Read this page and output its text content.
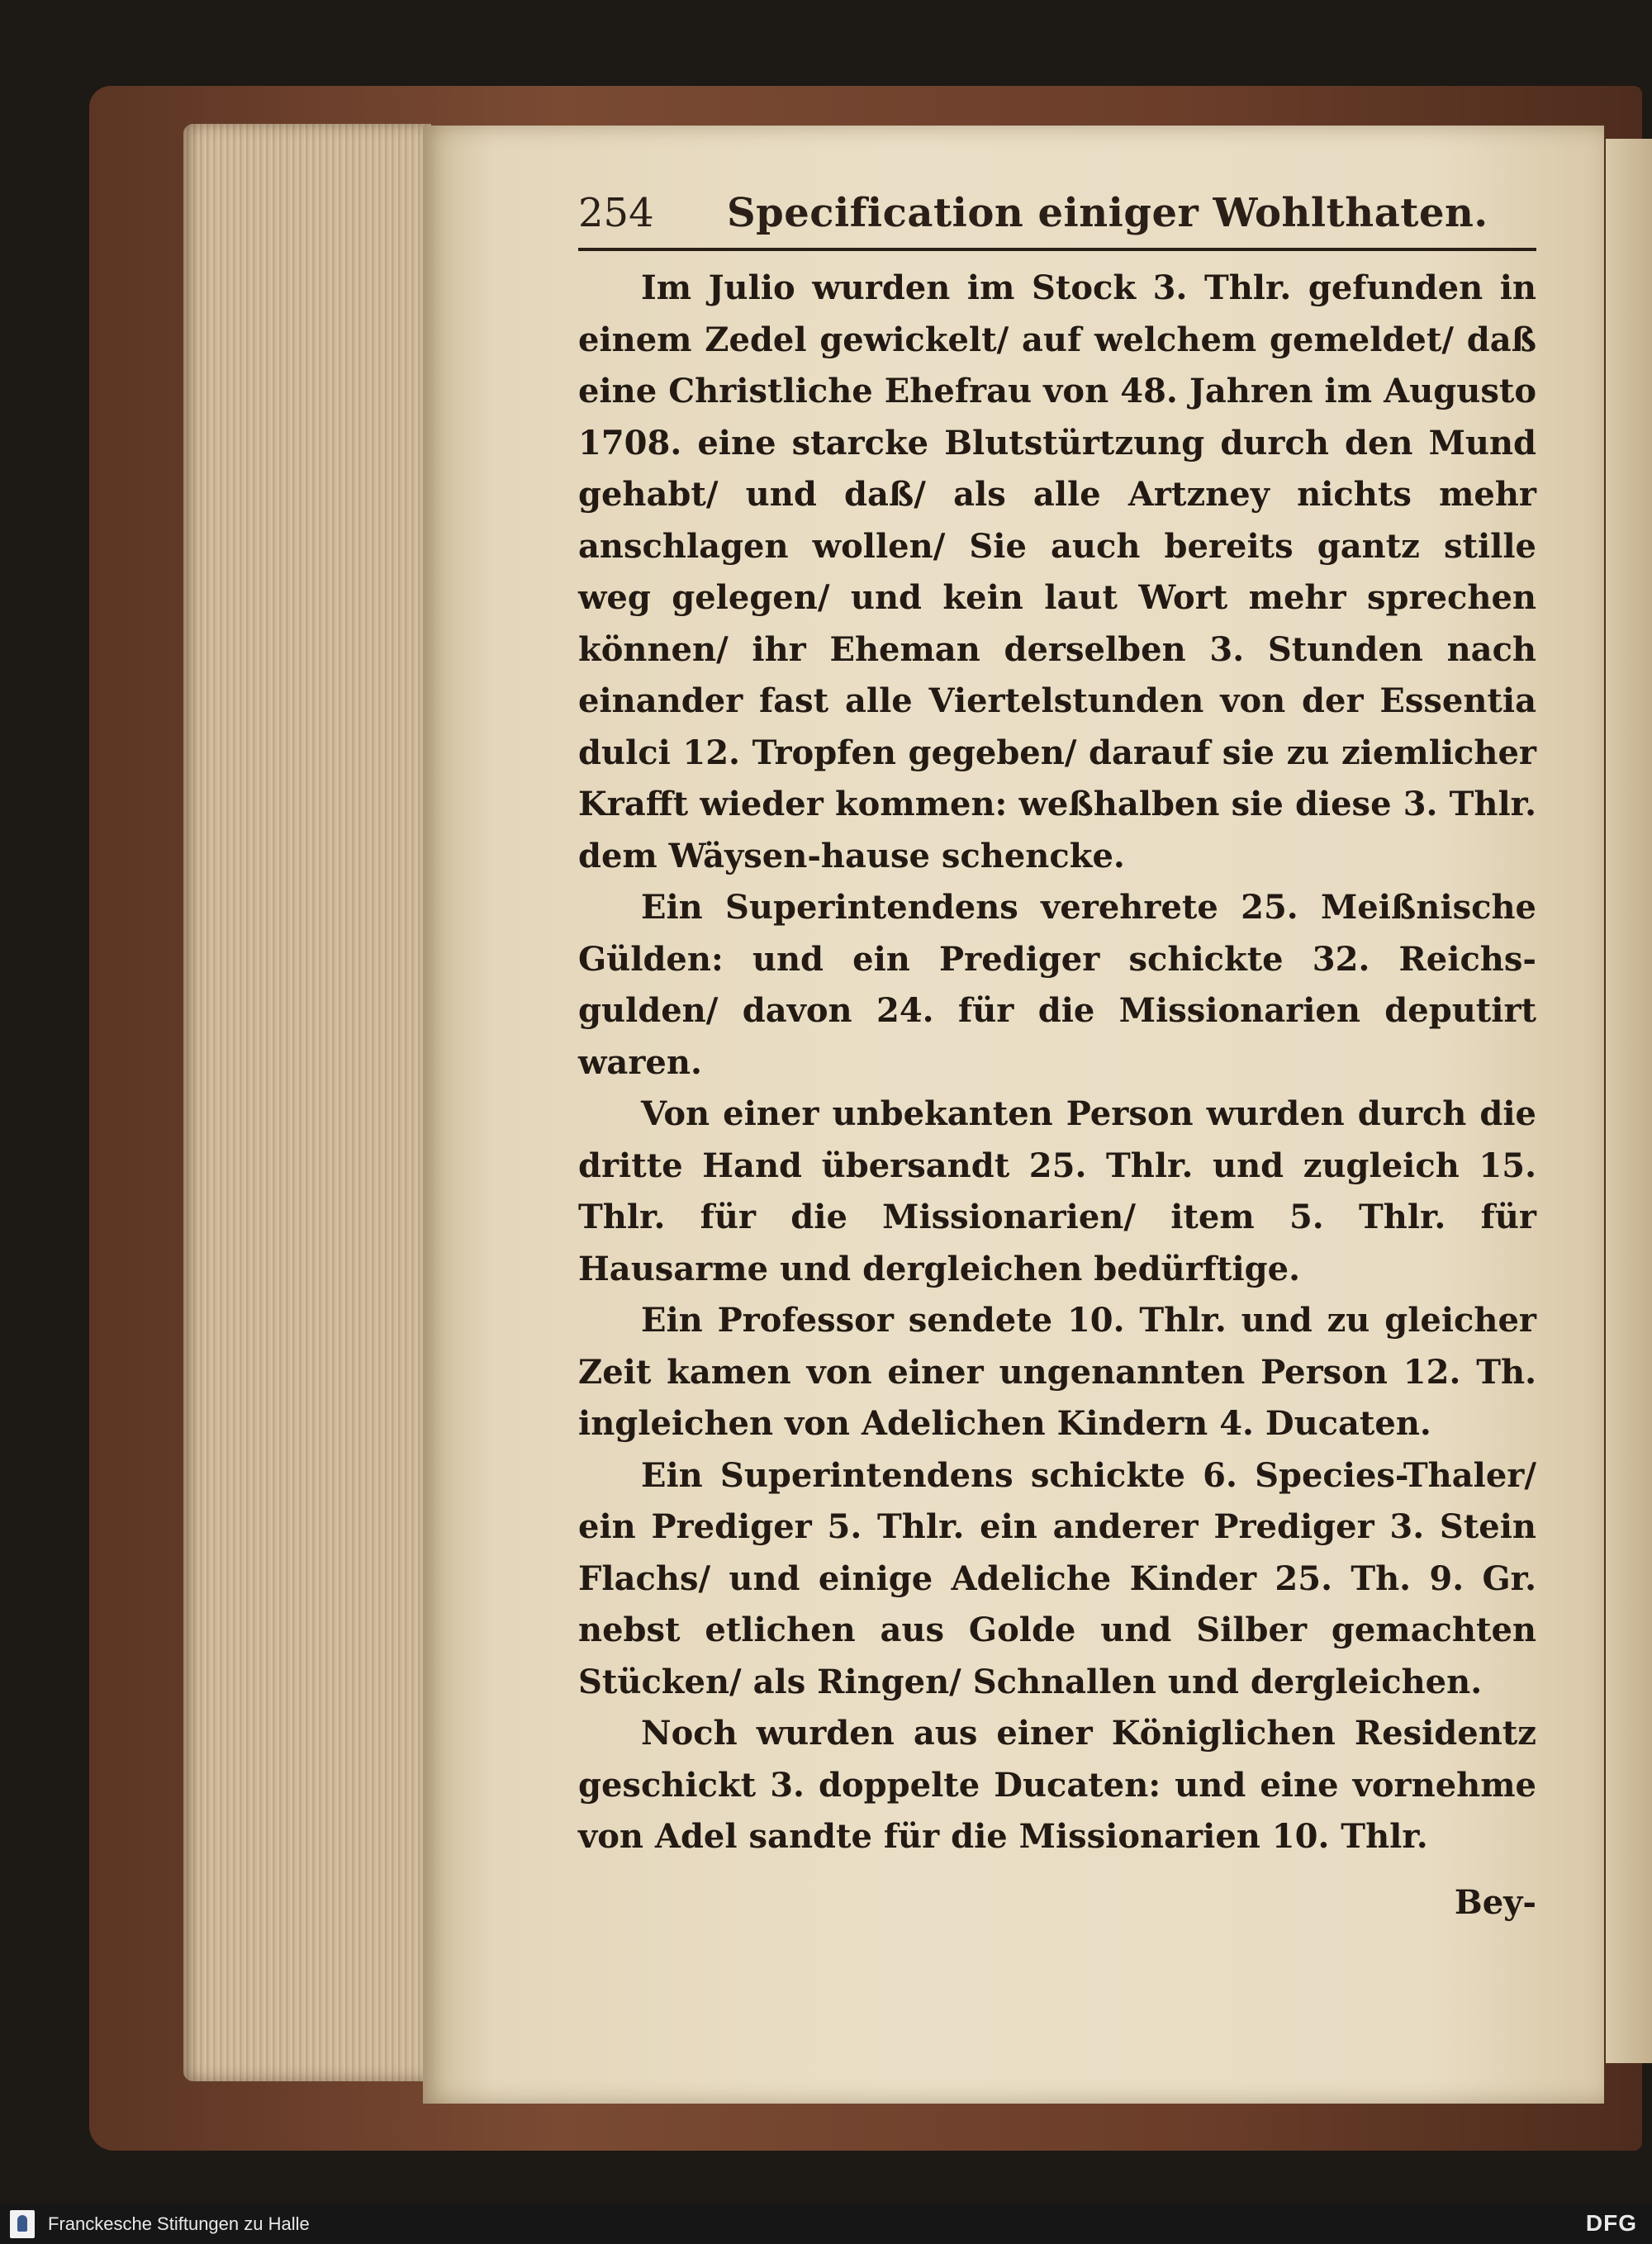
254 Specification einiger Wohlthaten.

Im Julio wurden im Stock 3. Thlr. gefunden in einem Zedel gewickelt/ auf welchem gemeldet/ daß eine Christliche Ehefrau von 48. Jahren im Augusto 1708. eine starcke Blutstürtzung durch den Mund gehabt/ und daß/ als alle Artzney nichts mehr anschlagen wollen/ Sie auch bereits gantz stille weg gelegen/ und kein laut Wort mehr sprechen können/ ihr Eheman derselben 3. Stunden nach einander fast alle Viertelstunden von der Essentia dulci 12. Tropfen gegeben/ darauf sie zu ziemlicher Krafft wieder kommen: weßhalben sie diese 3. Thlr. dem Wäysen-hause schencke.

Ein Superintendens verehrete 25. Meißnische Gülden: und ein Prediger schickte 32. Reichs-gulden/ davon 24. für die Missionarien deputirt waren.

Von einer unbekanten Person wurden durch die dritte Hand übersandt 25. Thlr. und zugleich 15. Thlr. für die Missionarien/ item 5. Thlr. für Hausarme und dergleichen bedürftige.

Ein Professor sendete 10. Thlr. und zu gleicher Zeit kamen von einer ungenannten Person 12. Th. ingleichen von Adelichen Kindern 4. Ducaten.

Ein Superintendens schickte 6. Species-Thaler/ ein Prediger 5. Thlr. ein anderer Prediger 3. Stein Flachs/ und einige Adeliche Kinder 25. Th. 9. Gr. nebst etlichen aus Golde und Silber gemachten Stücken/ als Ringen/ Schnallen und dergleichen.

Noch wurden aus einer Königlichen Residentz geschickt 3. doppelte Ducaten: und eine vornehme von Adel sandte für die Missionarien 10. Thlr.

Bey-
Franckesche Stiftungen zu Halle	DFG
